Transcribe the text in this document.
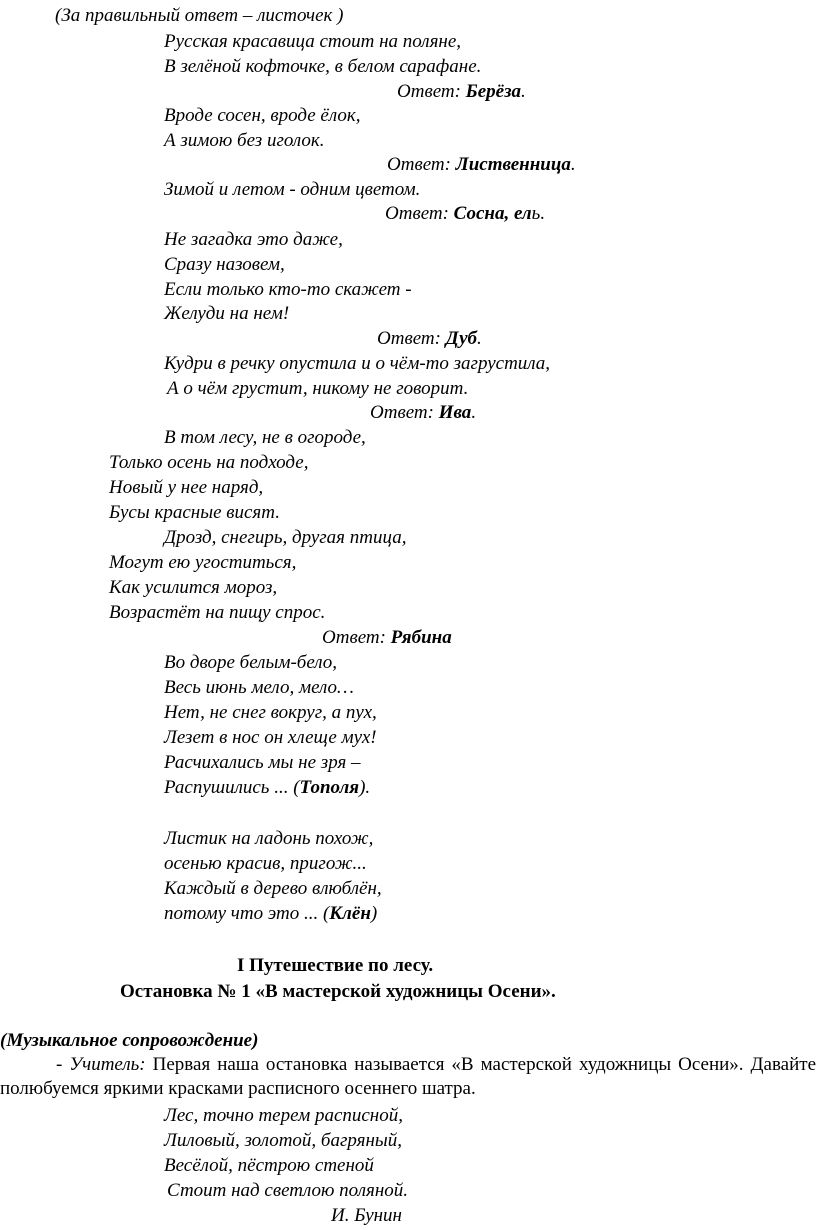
(За правильный ответ – листочек )
Русская красавица стоит на поляне,
В зелёной кофточке, в белом сарафане.
Ответ: Берёза.
Вроде сосен, вроде ёлок,
А зимою без иголок.
Ответ: Лиственница.
Зимой и летом - одним цветом.
Ответ: Сосна, ель.
Не загадка это даже,
Сразу назовем,
Если только кто-то скажет -
Желуди на нем!
Ответ: Дуб.
Кудри в речку опустила и о чём-то загрустила,
А о чём грустит, никому не говорит.
Ответ: Ива.
В том лесу, не в огороде,
Только осень на подходе,
Новый у нее наряд,
Бусы красные висят.
Дрозд, снегирь, другая птица,
Могут ею угоститься,
Как усилится мороз,
Возрастёт на пищу спрос.
Ответ: Рябина
Во дворе белым-бело,
Весь июнь мело, мело…
Нет, не снег вокруг, а пух,
Лезет в нос он хлеще мух!
Расчихались мы не зря –
Распушились ... (Тополя).
Листик на ладонь похож,
осенью красив, пригож...
Каждый в дерево влюблён,
потому что это ... (Клён)
I Путешествие по лесу.
Остановка № 1 «В мастерской художницы Осени».
(Музыкальное сопровождение)
- Учитель: Первая наша остановка называется «В мастерской художницы Осени». Давайте полюбуемся яркими красками расписного осеннего шатра.
Лес, точно терем расписной,
Лиловый, золотой, багряный,
Весёлой, пёстрою стеной
Стоит над светлою поляной.
И. Бунин
